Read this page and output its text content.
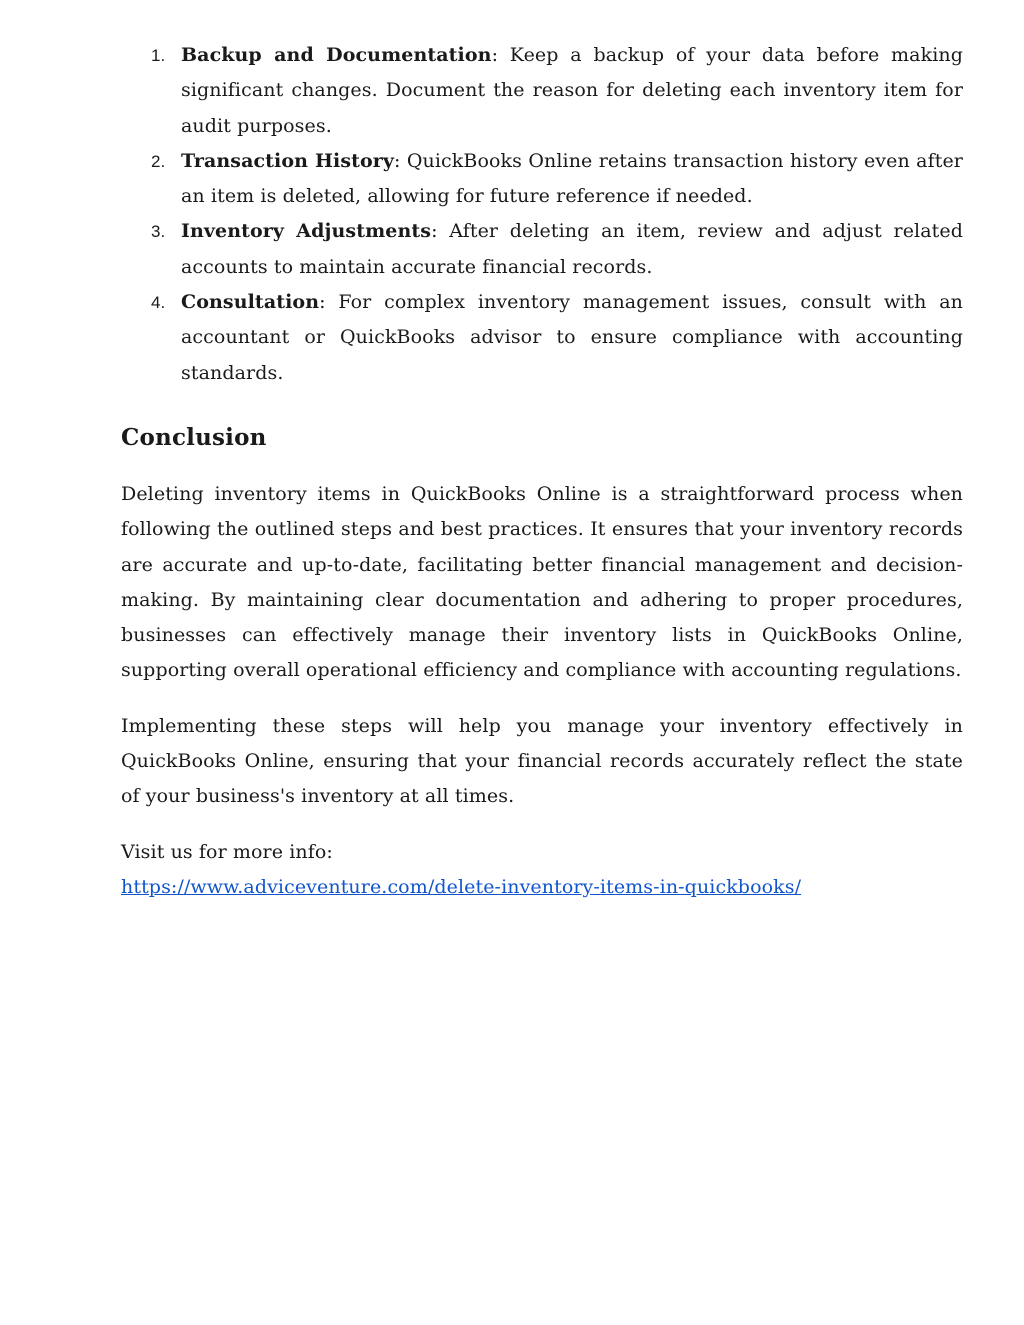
1. Backup and Documentation: Keep a backup of your data before making significant changes. Document the reason for deleting each inventory item for audit purposes.
2. Transaction History: QuickBooks Online retains transaction history even after an item is deleted, allowing for future reference if needed.
3. Inventory Adjustments: After deleting an item, review and adjust related accounts to maintain accurate financial records.
4. Consultation: For complex inventory management issues, consult with an accountant or QuickBooks advisor to ensure compliance with accounting standards.
Conclusion

Deleting inventory items in QuickBooks Online is a straightforward process when following the outlined steps and best practices. It ensures that your inventory records are accurate and up-to-date, facilitating better financial management and decision-making. By maintaining clear documentation and adhering to proper procedures, businesses can effectively manage their inventory lists in QuickBooks Online, supporting overall operational efficiency and compliance with accounting regulations.

Implementing these steps will help you manage your inventory effectively in QuickBooks Online, ensuring that your financial records accurately reflect the state of your business's inventory at all times.

Visit us for more info:
https://www.adviceventure.com/delete-inventory-items-in-quickbooks/
